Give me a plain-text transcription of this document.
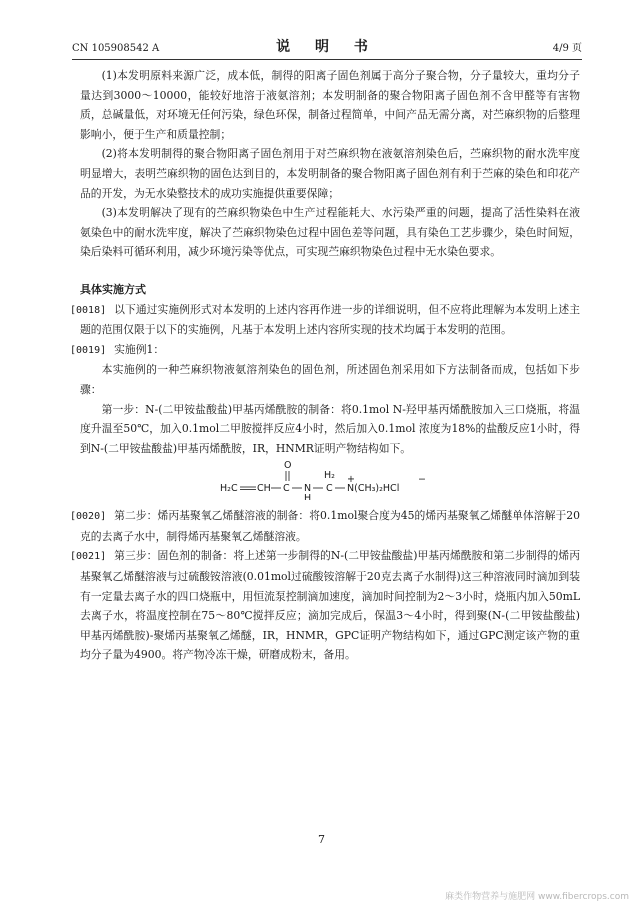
CN 105908542 A	说 明 书	4/9 页

(1)本发明原料来源广泛，成本低，制得的阳离子固色剂属于高分子聚合物，分子量较大，重均分子量达到3000～10000，能较好地溶于液氨溶剂；本发明制备的聚合物阳离子固色剂不含甲醛等有害物质，总碱量低，对环境无任何污染，绿色环保，制备过程简单，中间产品无需分离，对苎麻织物的后整理影响小，便于生产和质量控制；

(2)将本发明制得的聚合物阳离子固色剂用于对苎麻织物在液氨溶剂染色后，苎麻织物的耐水洗牢度明显增大，表明苎麻织物的固色达到目的，本发明制备的聚合物阳离子固色剂有利于苎麻的染色和印花产品的开发，为无水染整技术的成功实施提供重要保障；

(3)本发明解决了现有的苎麻织物染色中生产过程能耗大、水污染严重的问题，提高了活性染料在液氨染色中的耐水洗牢度，解决了苎麻织物染色过程中固色差等问题，具有染色工艺步骤少，染色时间短，染后染料可循环利用，减少环境污染等优点，可实现苎麻织物染色过程中无水染色要求。

具体实施方式

[0018] 以下通过实施例形式对本发明的上述内容再作进一步的详细说明，但不应将此理解为本发明上述主题的范围仅限于以下的实施例，凡基于本发明上述内容所实现的技术均属于本发明的范围。

[0019] 实施例1：

本实施例的一种苎麻织物液氨溶剂染色的固色剂，所述固色剂采用如下方法制备而成，包括如下步骤：

第一步：N-(二甲铵盐酸盐)甲基丙烯酰胺的制备：将0.1mol N-羟甲基丙烯酰胺加入三口烧瓶，将温度升温至50℃，加入0.1mol二甲胺搅拌反应4小时，然后加入0.1mol 浓度为18%的盐酸反应1小时，得到N-(二甲铵盐酸盐)甲基丙烯酰胺，IR，HNMR证明产物结构如下。

H₂C CH C
O
N
H
H₂
C
+
N(CH₃)₂HCl
−

[0020] 第二步：烯丙基聚氧乙烯醚溶液的制备：将0.1mol聚合度为45的烯丙基聚氧乙烯醚单体溶解于20克的去离子水中，制得烯丙基聚氧乙烯醚溶液。

[0021] 第三步：固色剂的制备：将上述第一步制得的N-(二甲铵盐酸盐)甲基丙烯酰胺和第二步制得的烯丙基聚氧乙烯醚溶液与过硫酸铵溶液(0.01mol过硫酸铵溶解于20克去离子水制得)这三种溶液同时滴加到装有一定量去离子水的四口烧瓶中，用恒流泵控制滴加速度，滴加时间控制为2～3小时，烧瓶内加入50mL去离子水，将温度控制在75～80℃搅拌反应；滴加完成后，保温3～4小时，得到聚(N-(二甲铵盐酸盐)甲基丙烯酰胺)-聚烯丙基聚氧乙烯醚，IR，HNMR，GPC证明产物结构如下，通过GPC测定该产物的重均分子量为4900。将产物冷冻干燥，研磨成粉末，备用。

7
麻类作物营养与施肥网 www.fibercrops.com
